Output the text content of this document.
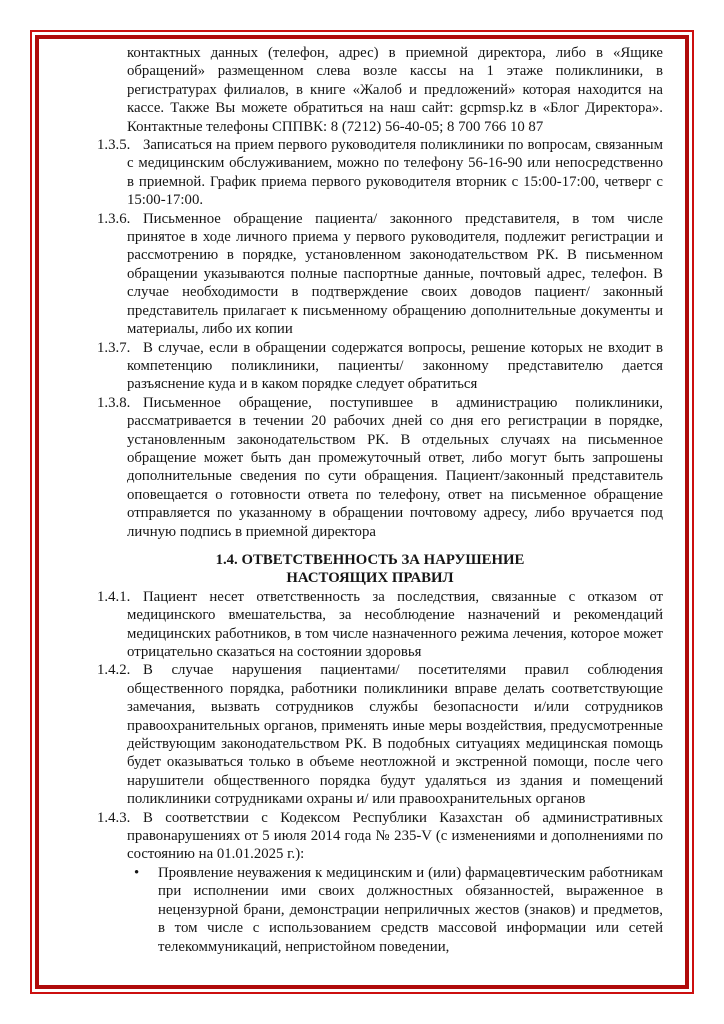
контактных данных (телефон, адрес) в приемной директора, либо в «Ящике обращений» размещенном слева возле кассы на 1 этаже поликлиники, в регистратурах филиалов, в книге «Жалоб и предложений» которая находится на кассе. Также Вы можете обратиться на наш сайт: gcpmsp.kz в «Блог Директора». Контактные телефоны СППВК: 8 (7212) 56-40-05; 8 700 766 10 87

1.3.5. Записаться на прием первого руководителя поликлиники по вопросам, связанным с медицинским обслуживанием, можно по телефону 56-16-90 или непосредственно в приемной. График приема первого руководителя вторник с 15:00-17:00, четверг с 15:00-17:00.
1.3.6. Письменное обращение пациента/ законного представителя, в том числе принятое в ходе личного приема у первого руководителя, подлежит регистрации и рассмотрению в порядке, установленном законодательством РК. В письменном обращении указываются полные паспортные данные, почтовый адрес, телефон. В случае необходимости в подтверждение своих доводов пациент/ законный представитель прилагает к письменному обращению дополнительные документы и материалы, либо их копии
1.3.7. В случае, если в обращении содержатся вопросы, решение которых не входит в компетенцию поликлиники, пациенты/ законному представителю дается разъяснение куда и в каком порядке следует обратиться
1.3.8. Письменное обращение, поступившее в администрацию поликлиники, рассматривается в течении 20 рабочих дней со дня его регистрации в порядке, установленным законодательством РК. В отдельных случаях на письменное обращение может быть дан промежуточный ответ, либо могут быть запрошены дополнительные сведения по сути обращения. Пациент/законный представитель оповещается о готовности ответа по телефону, ответ на письменное обращение отправляется по указанному в обращении почтовому адресу, либо вручается под личную подпись в приемной директора
1.4. ОТВЕТСТВЕННОСТЬ ЗА НАРУШЕНИЕ
НАСТОЯЩИХ ПРАВИЛ
1.4.1. Пациент несет ответственность за последствия, связанные с отказом от медицинского вмешательства, за несоблюдение назначений и рекомендаций медицинских работников, в том числе назначенного режима лечения, которое может отрицательно сказаться на состоянии здоровья
1.4.2. В случае нарушения пациентами/ посетителями правил соблюдения общественного порядка, работники поликлиники вправе делать соответствующие замечания, вызвать сотрудников службы безопасности и/или сотрудников правоохранительных органов, применять иные меры воздействия, предусмотренные действующим законодательством РК. В подобных ситуациях медицинская помощь будет оказываться только в объеме неотложной и экстренной помощи, после чего нарушители общественного порядка будут удаляться из здания и помещений поликлиники сотрудниками охраны и/ или правоохранительных органов
1.4.3. В соответствии с Кодексом Республики Казахстан об административных правонарушениях от 5 июля 2014 года № 235-V (с изменениями и дополнениями по состоянию на 01.01.2025 г.):
• Проявление неуважения к медицинским и (или) фармацевтическим работникам при исполнении ими своих должностных обязанностей, выраженное в нецензурной брани, демонстрации неприличных жестов (знаков) и предметов, в том числе с использованием средств массовой информации или сетей телекоммуникаций, непристойном поведении,
